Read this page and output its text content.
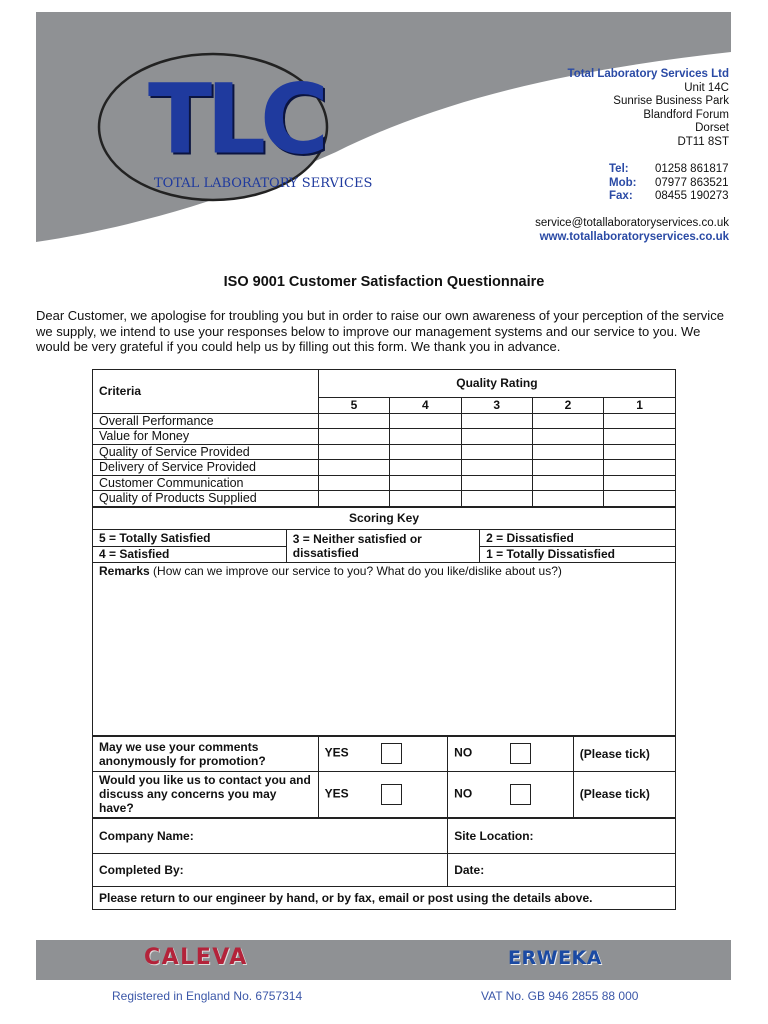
TLC
TOTAL LABORATORY SERVICES
Total Laboratory Services Ltd
Unit 14C
Sunrise Business Park
Blandford Forum
Dorset
DT11 8ST
Tel:	01258 861817
Mob:	07977 863521
Fax:	08455 190273
service@totallaboratoryservices.co.uk
www.totallaboratoryservices.co.uk
ISO 9001 Customer Satisfaction Questionnaire
Dear Customer, we apologise for troubling you but in order to raise our own awareness of your perception of the service we supply, we intend to use your responses below to improve our management systems and our service to you. We would be very grateful if you could help us by filling out this form. We thank you in advance.
Criteria	Quality Rating				
	5	4	3	2	1
Overall Performance					
Value for Money					
Quality of Service Provided					
Delivery of Service Provided					
Customer Communication					
Quality of Products Supplied					
Scoring Key		
5 = Totally Satisfied	3 = Neither satisfied or dissatisfied	2 = Dissatisfied
4 = Satisfied		1 = Totally Dissatisfied
Remarks (How can we improve our service to you? What do you like/dislike about us?)		
May we use your comments anonymously for promotion?	YES	NO	(Please tick)
Would you like us to contact you and discuss any concerns you may have?	YES	NO	(Please tick)
Company Name:	Site Location:
Completed By:	Date:
Please return to our engineer by hand, or by fax, email or post using the details above.	
CALEVA	ERWEKA
Registered in England No. 6757314	VAT No. GB 946 2855 88 000
